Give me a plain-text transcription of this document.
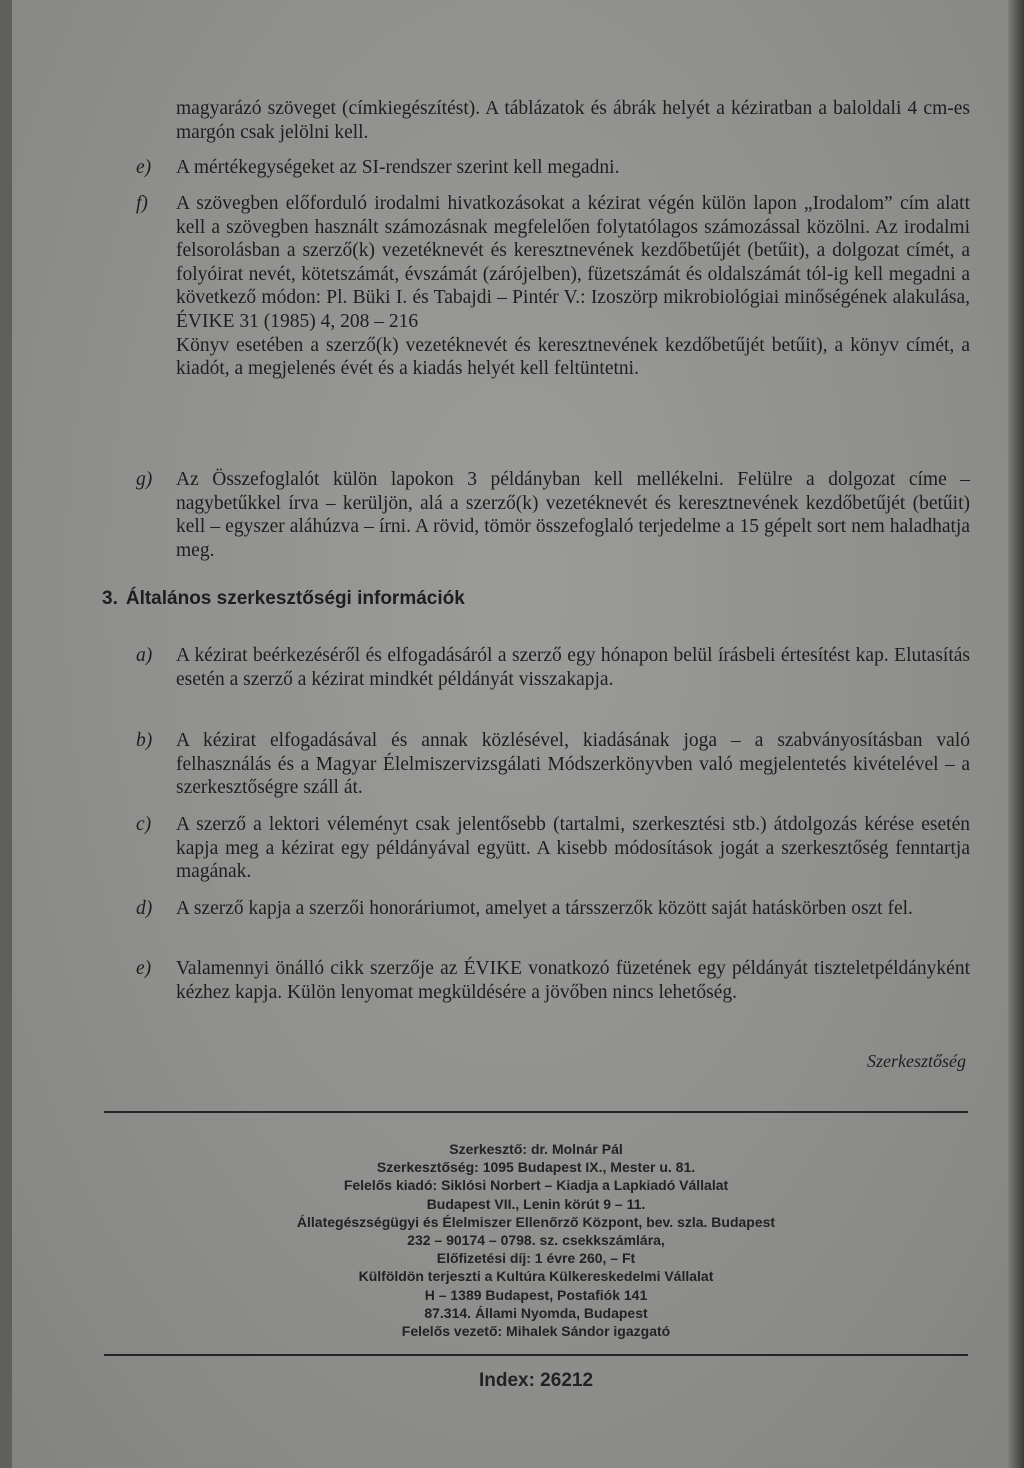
magyarázó szöveget (címkiegészítést). A táblázatok és ábrák helyét a kéziratban a baloldali 4 cm-es margón csak jelölni kell.
e) A mértékegységeket az SI-rendszer szerint kell megadni.
f) A szövegben előforduló irodalmi hivatkozásokat a kézirat végén külön lapon „Irodalom” cím alatt kell a szövegben használt számozásnak megfelelően folytatólagos számozással közölni. Az irodalmi felsorolásban a szerző(k) vezetéknevét és keresztnevének kezdőbetűjét (betűit), a dolgozat címét, a folyóirat nevét, kötetszámát, évszámát (zárójelben), füzetszámát és oldalszámát tól-ig kell megadni a következő módon: Pl. Büki I. és Tabajdi – Pintér V.: Izoszörp mikrobiológiai minőségének alakulása, ÉVIKE 31 (1985) 4, 208 – 216
Könyv esetében a szerző(k) vezetéknevét és keresztnevének kezdőbetűjét betűit), a könyv címét, a kiadót, a megjelenés évét és a kiadás helyét kell feltüntetni.
g) Az Összefoglalót külön lapokon 3 példányban kell mellékelni. Felülre a dolgozat címe – nagybetűkkel írva – kerüljön, alá a szerző(k) vezetéknevét és keresztnevének kezdőbetűjét (betűit) kell – egyszer aláhúzva – írni. A rövid, tömör összefoglaló terjedelme a 15 gépelt sort nem haladhatja meg.
3. Általános szerkesztőségi információk
a) A kézirat beérkezéséről és elfogadásáról a szerző egy hónapon belül írásbeli értesítést kap. Elutasítás esetén a szerző a kézirat mindkét példányát visszakapja.
b) A kézirat elfogadásával és annak közlésével, kiadásának joga – a szabványosításban való felhasználás és a Magyar Élelmiszervizsgálati Módszerkönyvben való megjelentetés kivételével – a szerkesztőségre száll át.
c) A szerző a lektori véleményt csak jelentősebb (tartalmi, szerkesztési stb.) átdolgozás kérése esetén kapja meg a kézirat egy példányával együtt. A kisebb módosítások jogát a szerkesztőség fenntartja magának.
d) A szerző kapja a szerzői honoráriumot, amelyet a társszerzők között saját hatáskörben oszt fel.
e) Valamennyi önálló cikk szerzője az ÉVIKE vonatkozó füzetének egy példányát tiszteletpéldányként kézhez kapja. Külön lenyomat megküldésére a jövőben nincs lehetőség.
Szerkesztőség
Szerkesztő: dr. Molnár Pál
Szerkesztőség: 1095 Budapest IX., Mester u. 81.
Felelős kiadó: Siklósi Norbert – Kiadja a Lapkiadó Vállalat
Budapest VII., Lenin körút 9 – 11.
Állategészségügyi és Élelmiszer Ellenőrző Központ, bev. szla. Budapest
232 – 90174 – 0798. sz. csekkszámlára,
Előfizetési díj: 1 évre 260, – Ft
Külföldön terjeszti a Kultúra Külkereskedelmi Vállalat
H – 1389 Budapest, Postafiók 141
87.314. Állami Nyomda, Budapest
Felelős vezető: Mihalek Sándor igazgató
Index: 26212
